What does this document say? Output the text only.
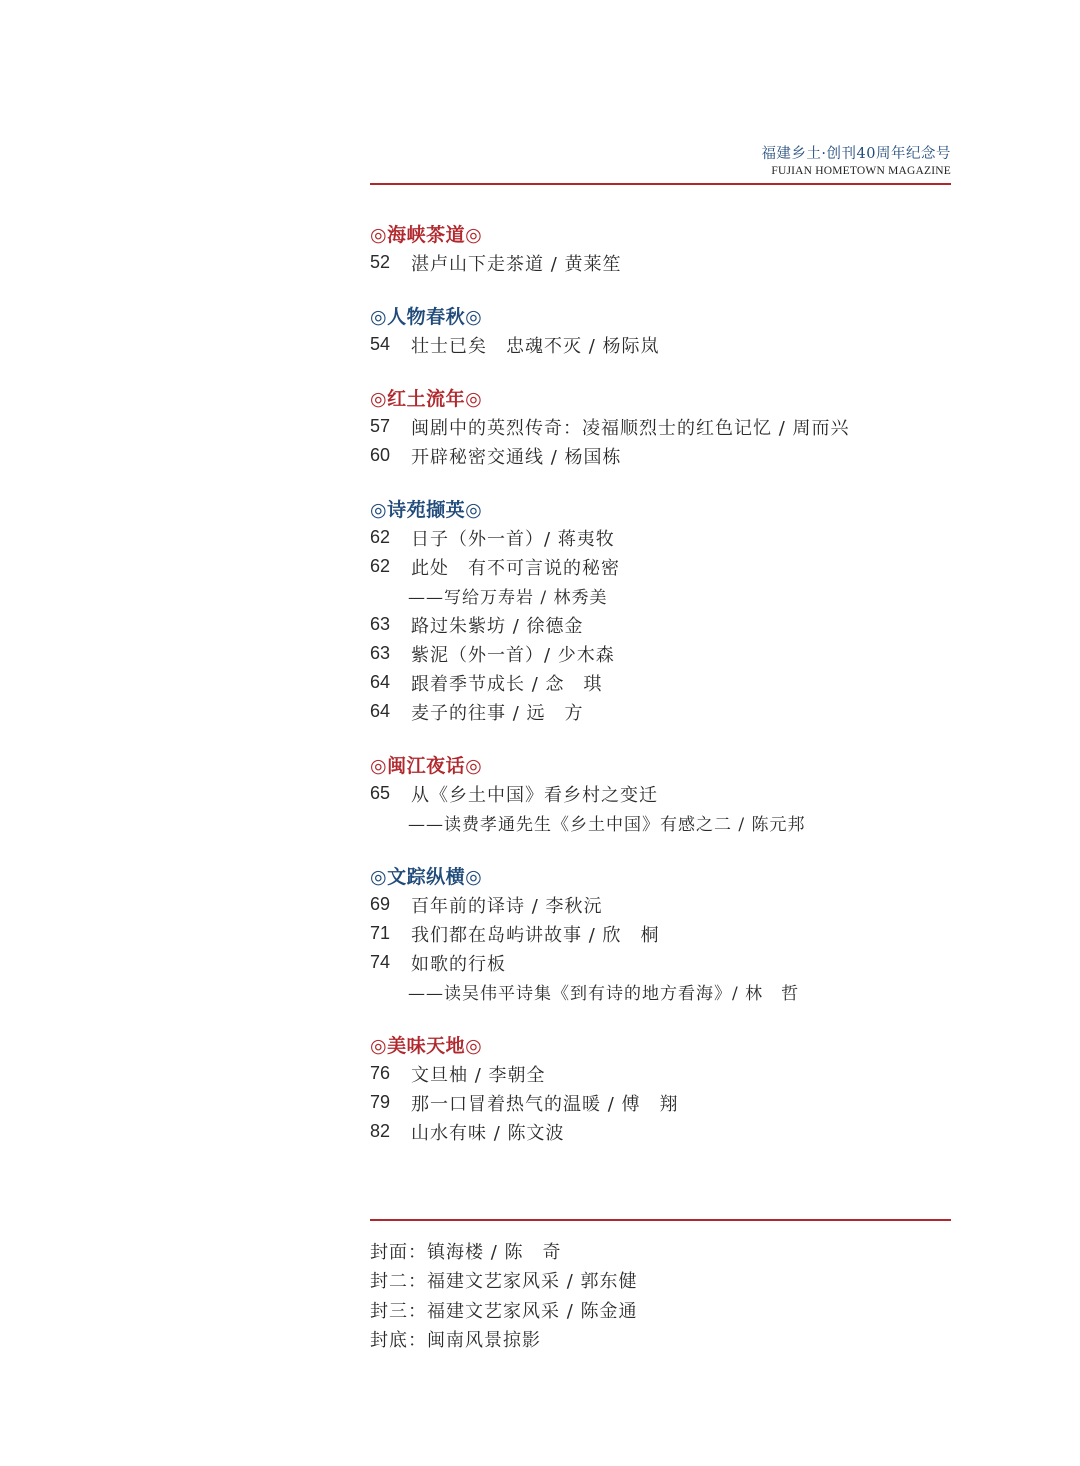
福建乡土·创刊40周年纪念号
FUJIAN HOMETOWN MAGAZINE
◎海峡茶道◎
52	湛卢山下走茶道 / 黄莱笙
◎人物春秋◎
54	壮士已矣　忠魂不灭 / 杨际岚
◎红土流年◎
57	闽剧中的英烈传奇：凌福顺烈士的红色记忆 / 周而兴
60	开辟秘密交通线 / 杨国栋
◎诗苑撷英◎
62	日子（外一首）/ 蒋夷牧
62	此处　有不可言说的秘密
——写给万寿岩 / 林秀美
63	路过朱紫坊 / 徐德金
63	紫泥（外一首）/ 少木森
64	跟着季节成长 / 念　琪
64	麦子的往事 / 远　方
◎闽江夜话◎
65	从《乡土中国》看乡村之变迁
——读费孝通先生《乡土中国》有感之二 / 陈元邦
◎文踪纵横◎
69	百年前的译诗 / 李秋沅
71	我们都在岛屿讲故事 / 欣　桐
74	如歌的行板
——读吴伟平诗集《到有诗的地方看海》/ 林　哲
◎美味天地◎
76	文旦柚 / 李朝全
79	那一口冒着热气的温暖 / 傅　翔
82	山水有味 / 陈文波
封面：镇海楼 / 陈　奇
封二：福建文艺家风采 / 郭东健
封三：福建文艺家风采 / 陈金通
封底：闽南风景掠影
